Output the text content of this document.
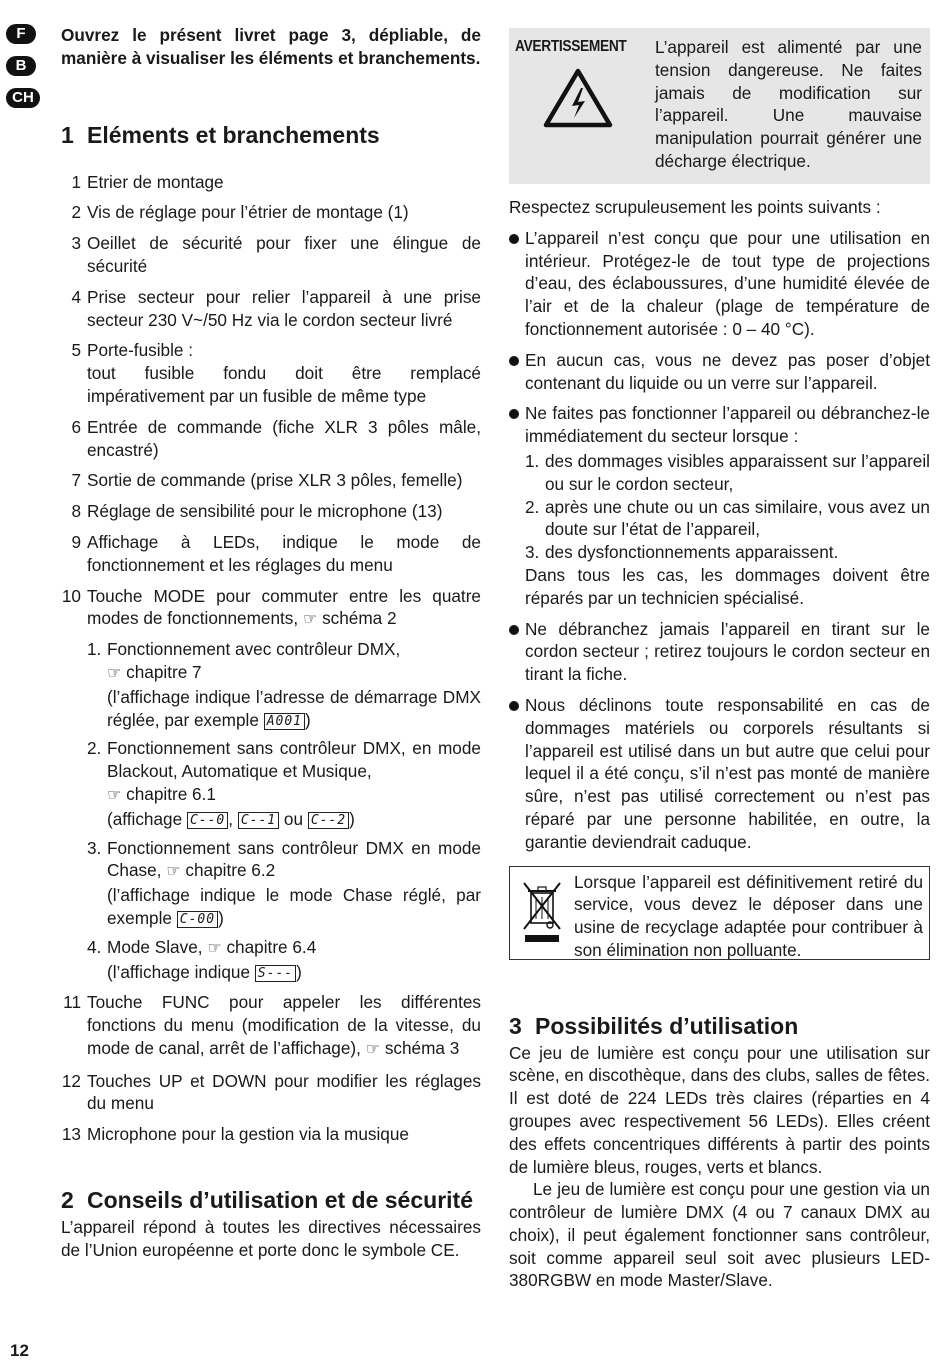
F
B
CH

Ouvrez le présent livret page 3, dépliable, de manière à visualiser les éléments et branchements.

1 Eléments et branchements
1 Etrier de montage
2 Vis de réglage pour l’étrier de montage (1)
3 Oeillet de sécurité pour fixer une élingue de sécurité
4 Prise secteur pour relier l’appareil à une prise secteur 230 V~/50 Hz via le cordon secteur livré
5 Porte-fusible :
tout fusible fondu doit être remplacé impérativement par un fusible de même type
6 Entrée de commande (fiche XLR 3 pôles mâle, encastré)
7 Sortie de commande (prise XLR 3 pôles, femelle)
8 Réglage de sensibilité pour le microphone (13)
9 Affichage à LEDs, indique le mode de fonctionnement et les réglages du menu
10 Touche MODE pour commuter entre les quatre modes de fonctionnements, ☞ schéma 2
1. Fonctionnement avec contrôleur DMX,
☞ chapitre 7
(l’affichage indique l’adresse de démarrage DMX réglée, par exemple A001 )
2. Fonctionnement sans contrôleur DMX, en mode Blackout, Automatique et Musique,
☞ chapitre 6.1
(affichage C--0 , C--1 ou C--2 )
3. Fonctionnement sans contrôleur DMX en mode Chase, ☞ chapitre 6.2
(l’affichage indique le mode Chase réglé, par exemple C-00 )
4. Mode Slave, ☞ chapitre 6.4
(l’affichage indique S--- )
11 Touche FUNC pour appeler les différentes fonctions du menu (modification de la vitesse, du mode de canal, arrêt de l’affichage), ☞ schéma 3
12 Touches UP et DOWN pour modifier les réglages du menu
13 Microphone pour la gestion via la musique
2 Conseils d’utilisation et de sécurité

L’appareil répond à toutes les directives nécessaires de l’Union européenne et porte donc le symbole CE.

AVERTISSEMENT L’appareil est alimenté par une tension dangereuse. Ne faites jamais de modification sur l’appareil. Une mauvaise manipulation pourrait générer une décharge électrique.

Respectez scrupuleusement les points suivants :

L’appareil n’est conçu que pour une utilisation en intérieur. Protégez-le de tout type de projections d’eau, des éclaboussures, d’une humidité élevée de l’air et de la chaleur (plage de température de fonctionnement autorisée : 0 – 40 °C).
En aucun cas, vous ne devez pas poser d’objet contenant du liquide ou un verre sur l’appareil.
Ne faites pas fonctionner l’appareil ou débranchez-le immédiatement du secteur lorsque :
1. des dommages visibles apparaissent sur l’appareil ou sur le cordon secteur,
2. après une chute ou un cas similaire, vous avez un doute sur l’état de l’appareil,
3. des dysfonctionnements apparaissent.

Dans tous les cas, les dommages doivent être réparés par un technicien spécialisé.

Ne débranchez jamais l’appareil en tirant sur le cordon secteur ; retirez toujours le cordon secteur en tirant la fiche.
Nous déclinons toute responsabilité en cas de dommages matériels ou corporels résultants si l’appareil est utilisé dans un but autre que celui pour lequel il a été conçu, s’il n’est pas monté de manière sûre, n’est pas utilisé correctement ou n’est pas réparé par une personne habilitée, en outre, la garantie deviendrait caduque.

Lorsque l’appareil est définitivement retiré du service, vous devez le déposer dans une usine de recyclage adaptée pour contribuer à son élimination non polluante.

3 Possibilités d’utilisation

Ce jeu de lumière est conçu pour une utilisation sur scène, en discothèque, dans des clubs, salles de fêtes. Il est doté de 224 LEDs très claires (réparties en 4 groupes avec respectivement 56 LEDs). Elles créent des effets concentriques différents à partir des points de lumière bleus, rouges, verts et blancs.

Le jeu de lumière est conçu pour une gestion via un contrôleur de lumière DMX (4 ou 7 canaux DMX au choix), il peut également fonctionner sans contrôleur, soit comme appareil seul soit avec plusieurs LED-380RGBW en mode Master/Slave.

12
